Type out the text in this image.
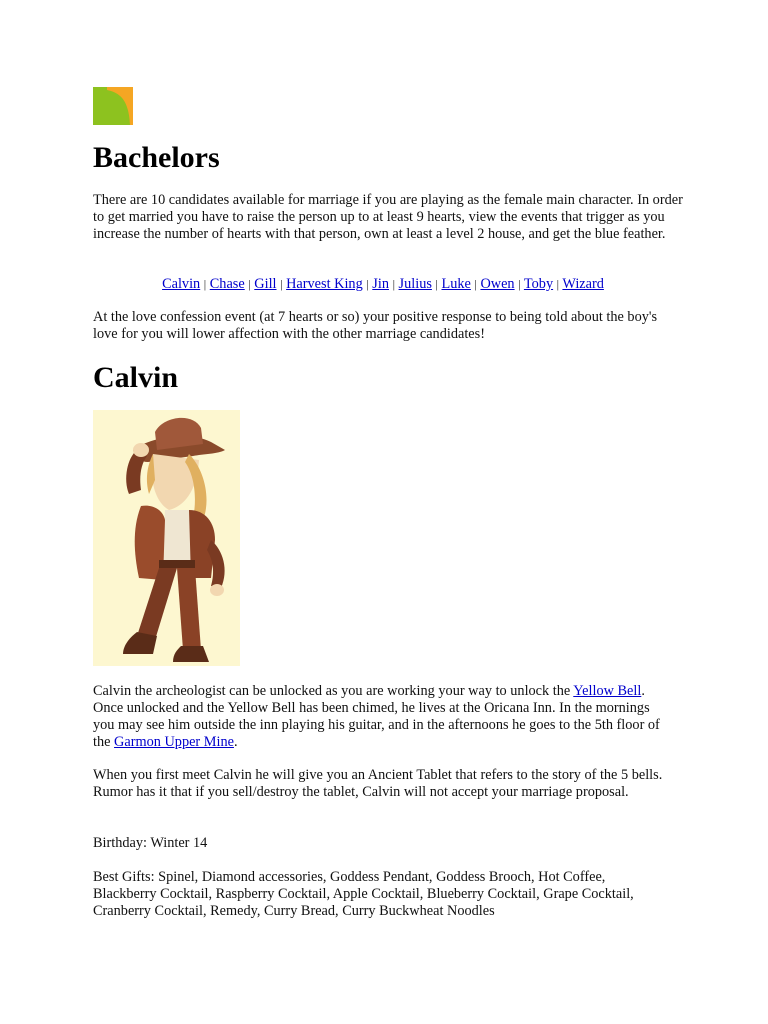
Bachelors

There are 10 candidates available for marriage if you are playing as the female main character. In order to get married you have to raise the person up to at least 9 hearts, view the events that trigger as you increase the number of hearts with that person, own at least a level 2 house, and get the blue feather.

Calvin | Chase | Gill | Harvest King | Jin | Julius | Luke | Owen | Toby | Wizard

At the love confession event (at 7 hearts or so) your positive response to being told about the boy's love for you will lower affection with the other marriage candidates!

Calvin

Calvin the archeologist can be unlocked as you are working your way to unlock the Yellow Bell. Once unlocked and the Yellow Bell has been chimed, he lives at the Oricana Inn. In the mornings you may see him outside the inn playing his guitar, and in the afternoons he goes to the 5th floor of the Garmon Upper Mine.

When you first meet Calvin he will give you an Ancient Tablet that refers to the story of the 5 bells. Rumor has it that if you sell/destroy the tablet, Calvin will not accept your marriage proposal.

Birthday: Winter 14

Best Gifts: Spinel, Diamond accessories, Goddess Pendant, Goddess Brooch, Hot Coffee, Blackberry Cocktail, Raspberry Cocktail, Apple Cocktail, Blueberry Cocktail, Grape Cocktail, Cranberry Cocktail, Remedy, Curry Bread, Curry Buckwheat Noodles
